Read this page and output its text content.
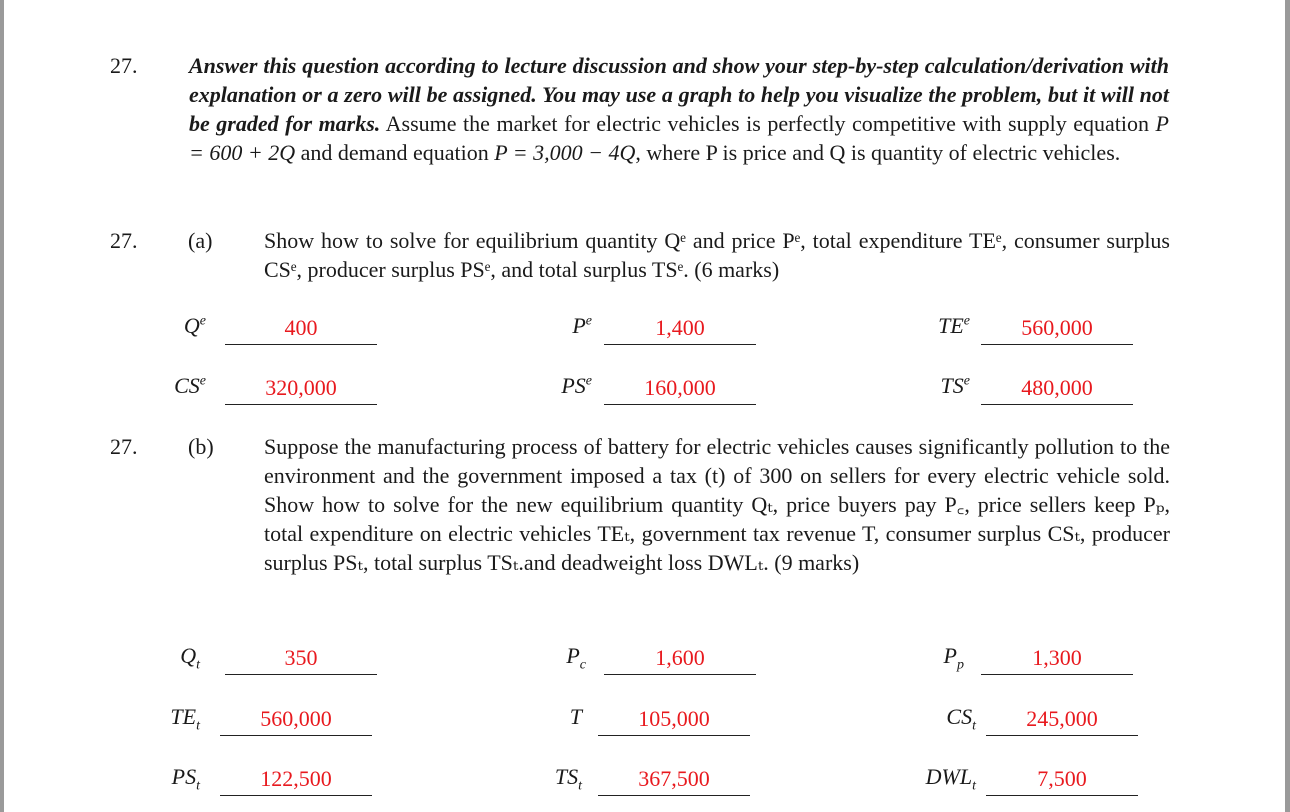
27. Answer this question according to lecture discussion and show your step-by-step calculation/derivation with explanation or a zero will be assigned. You may use a graph to help you visualize the problem, but it will not be graded for marks. Assume the market for electric vehicles is perfectly competitive with supply equation P = 600 + 2Q and demand equation P = 3,000 − 4Q, where P is price and Q is quantity of electric vehicles.
27. (a) Show how to solve for equilibrium quantity Qᵉ and price Pᵉ, total expenditure TEᵉ, consumer surplus CSᵉ, producer surplus PSᵉ, and total surplus TSᵉ. (6 marks)
$Q^e$	400	$P^e$	1,400	$TE^e$	560,000
$CS^e$	320,000	$PS^e$	160,000	$TS^e$	480,000
27. (b) Suppose the manufacturing process of battery for electric vehicles causes significantly pollution to the environment and the government imposed a tax (t) of 300 on sellers for every electric vehicle sold. Show how to solve for the new equilibrium quantity Qₜ, price buyers pay P꜀, price sellers keep Pₚ, total expenditure on electric vehicles TEₜ, government tax revenue T, consumer surplus CSₜ, producer surplus PSₜ, total surplus TSₜ.and deadweight loss DWLₜ. (9 marks)
$Q_t$	350	$P_c$	1,600	$P_p$	1,300
$TE_t$	560,000	T	105,000	$CS_t$	245,000
$PS_t$	122,500	$TS_t$	367,500	$DWL_t$	7,500
